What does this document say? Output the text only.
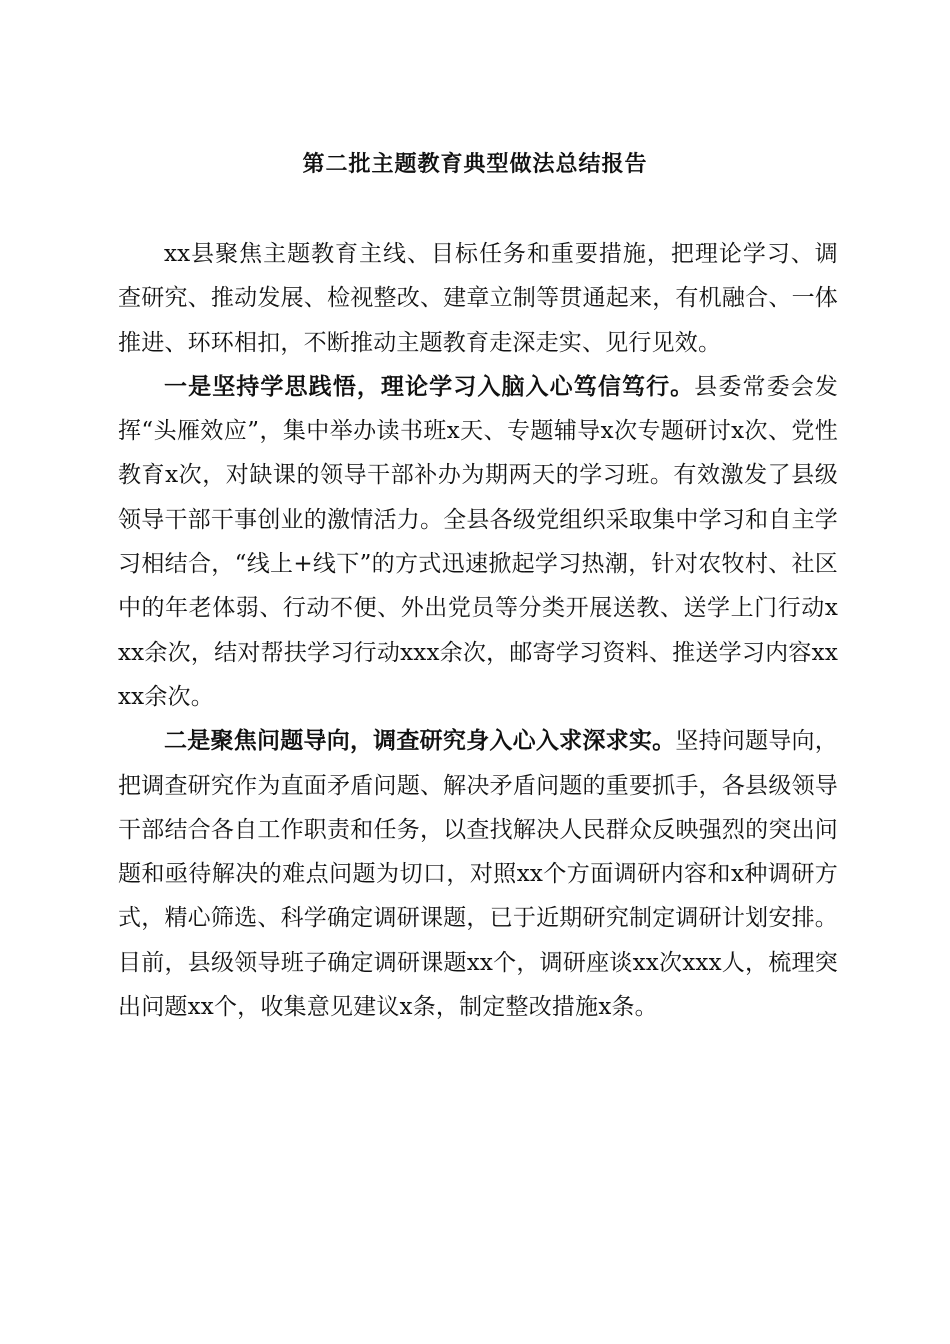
第二批主题教育典型做法总结报告

xx县聚焦主题教育主线、目标任务和重要措施，把理论学习、调查研究、推动发展、检视整改、建章立制等贯通起来，有机融合、一体推进、环环相扣，不断推动主题教育走深走实、见行见效。

一是坚持学思践悟，理论学习入脑入心笃信笃行。县委常委会发挥“头雁效应”，集中举办读书班x天、专题辅导x次专题研讨x次、党性教育x次，对缺课的领导干部补办为期两天的学习班。有效激发了县级领导干部干事创业的激情活力。全县各级党组织采取集中学习和自主学习相结合，“线上+线下”的方式迅速掀起学习热潮，针对农牧村、社区中的年老体弱、行动不便、外出党员等分类开展送教、送学上门行动xxx余次，结对帮扶学习行动xxx余次，邮寄学习资料、推送学习内容xxxx余次。

二是聚焦问题导向，调查研究身入心入求深求实。坚持问题导向，把调查研究作为直面矛盾问题、解决矛盾问题的重要抓手，各县级领导干部结合各自工作职责和任务，以查找解决人民群众反映强烈的突出问题和亟待解决的难点问题为切口，对照xx个方面调研内容和x种调研方式，精心筛选、科学确定调研课题，已于近期研究制定调研计划安排。目前，县级领导班子确定调研课题xx个，调研座谈xx次xxx人，梳理突出问题xx个，收集意见建议x条，制定整改措施x条。
